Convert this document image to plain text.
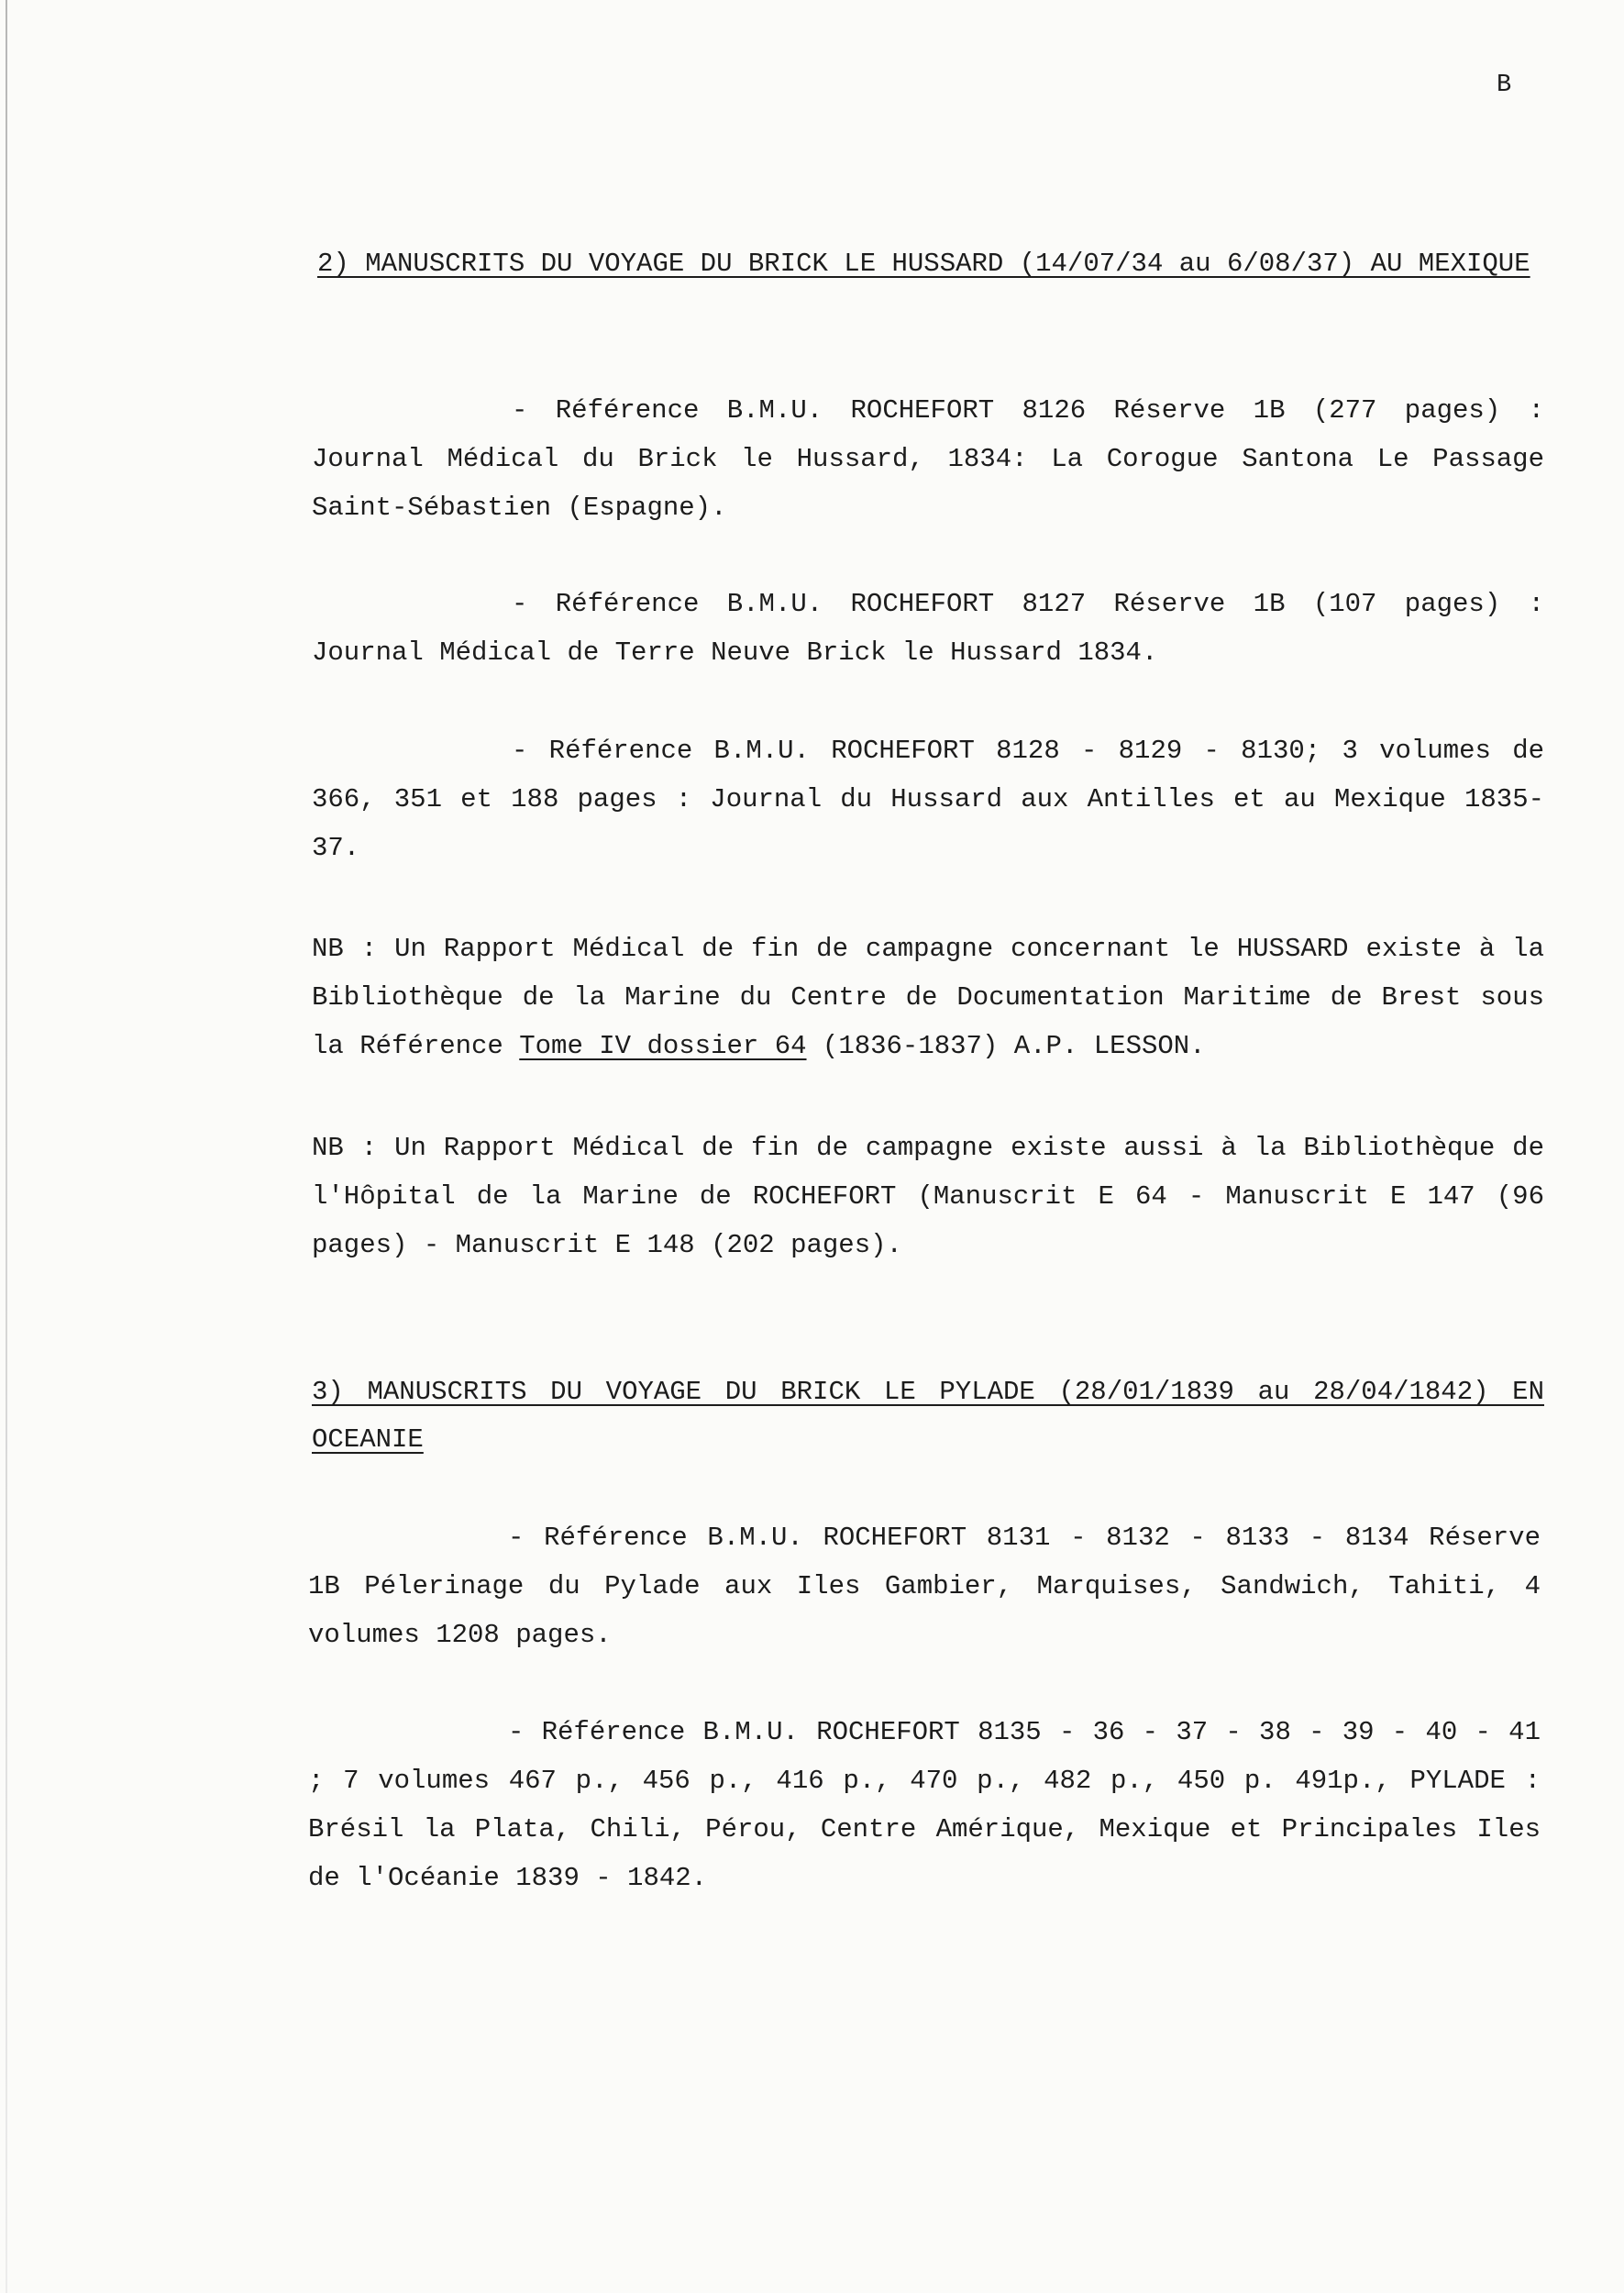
B
2) MANUSCRITS DU VOYAGE DU BRICK LE HUSSARD (14/07/34 au 6/08/37) AU MEXIQUE

- Référence B.M.U. ROCHEFORT 8126 Réserve 1B (277 pages) : Journal Médical du Brick le Hussard, 1834: La Corogue Santona Le Passage Saint-Sébastien (Espagne).

- Référence B.M.U. ROCHEFORT 8127 Réserve 1B (107 pages) : Journal Médical de Terre Neuve Brick le Hussard 1834.

- Référence B.M.U. ROCHEFORT 8128 - 8129 - 8130; 3 volumes de 366, 351 et 188 pages : Journal du Hussard aux Antilles et au Mexique 1835-37.

NB : Un Rapport Médical de fin de campagne concernant le HUSSARD existe à la Bibliothèque de la Marine du Centre de Documentation Maritime de Brest sous la Référence Tome IV dossier 64 (1836-1837) A.P. LESSON.

NB : Un Rapport Médical de fin de campagne existe aussi à la Bibliothèque de l'Hôpital de la Marine de ROCHEFORT (Manuscrit E 64 - Manuscrit E 147 (96 pages) - Manuscrit E 148 (202 pages).

3) MANUSCRITS DU VOYAGE DU BRICK LE PYLADE (28/01/1839 au 28/04/1842) EN OCEANIE

- Référence B.M.U. ROCHEFORT 8131 - 8132 - 8133 - 8134 Réserve 1B Pélerinage du Pylade aux Iles Gambier, Marquises, Sandwich, Tahiti, 4 volumes 1208 pages.

- Référence B.M.U. ROCHEFORT 8135 - 36 - 37 - 38 - 39 - 40 - 41 ; 7 volumes 467 p., 456 p., 416 p., 470 p., 482 p., 450 p. 491p., PYLADE : Brésil la Plata, Chili, Pérou, Centre Amérique, Mexique et Principales Iles de l'Océanie 1839 - 1842.
